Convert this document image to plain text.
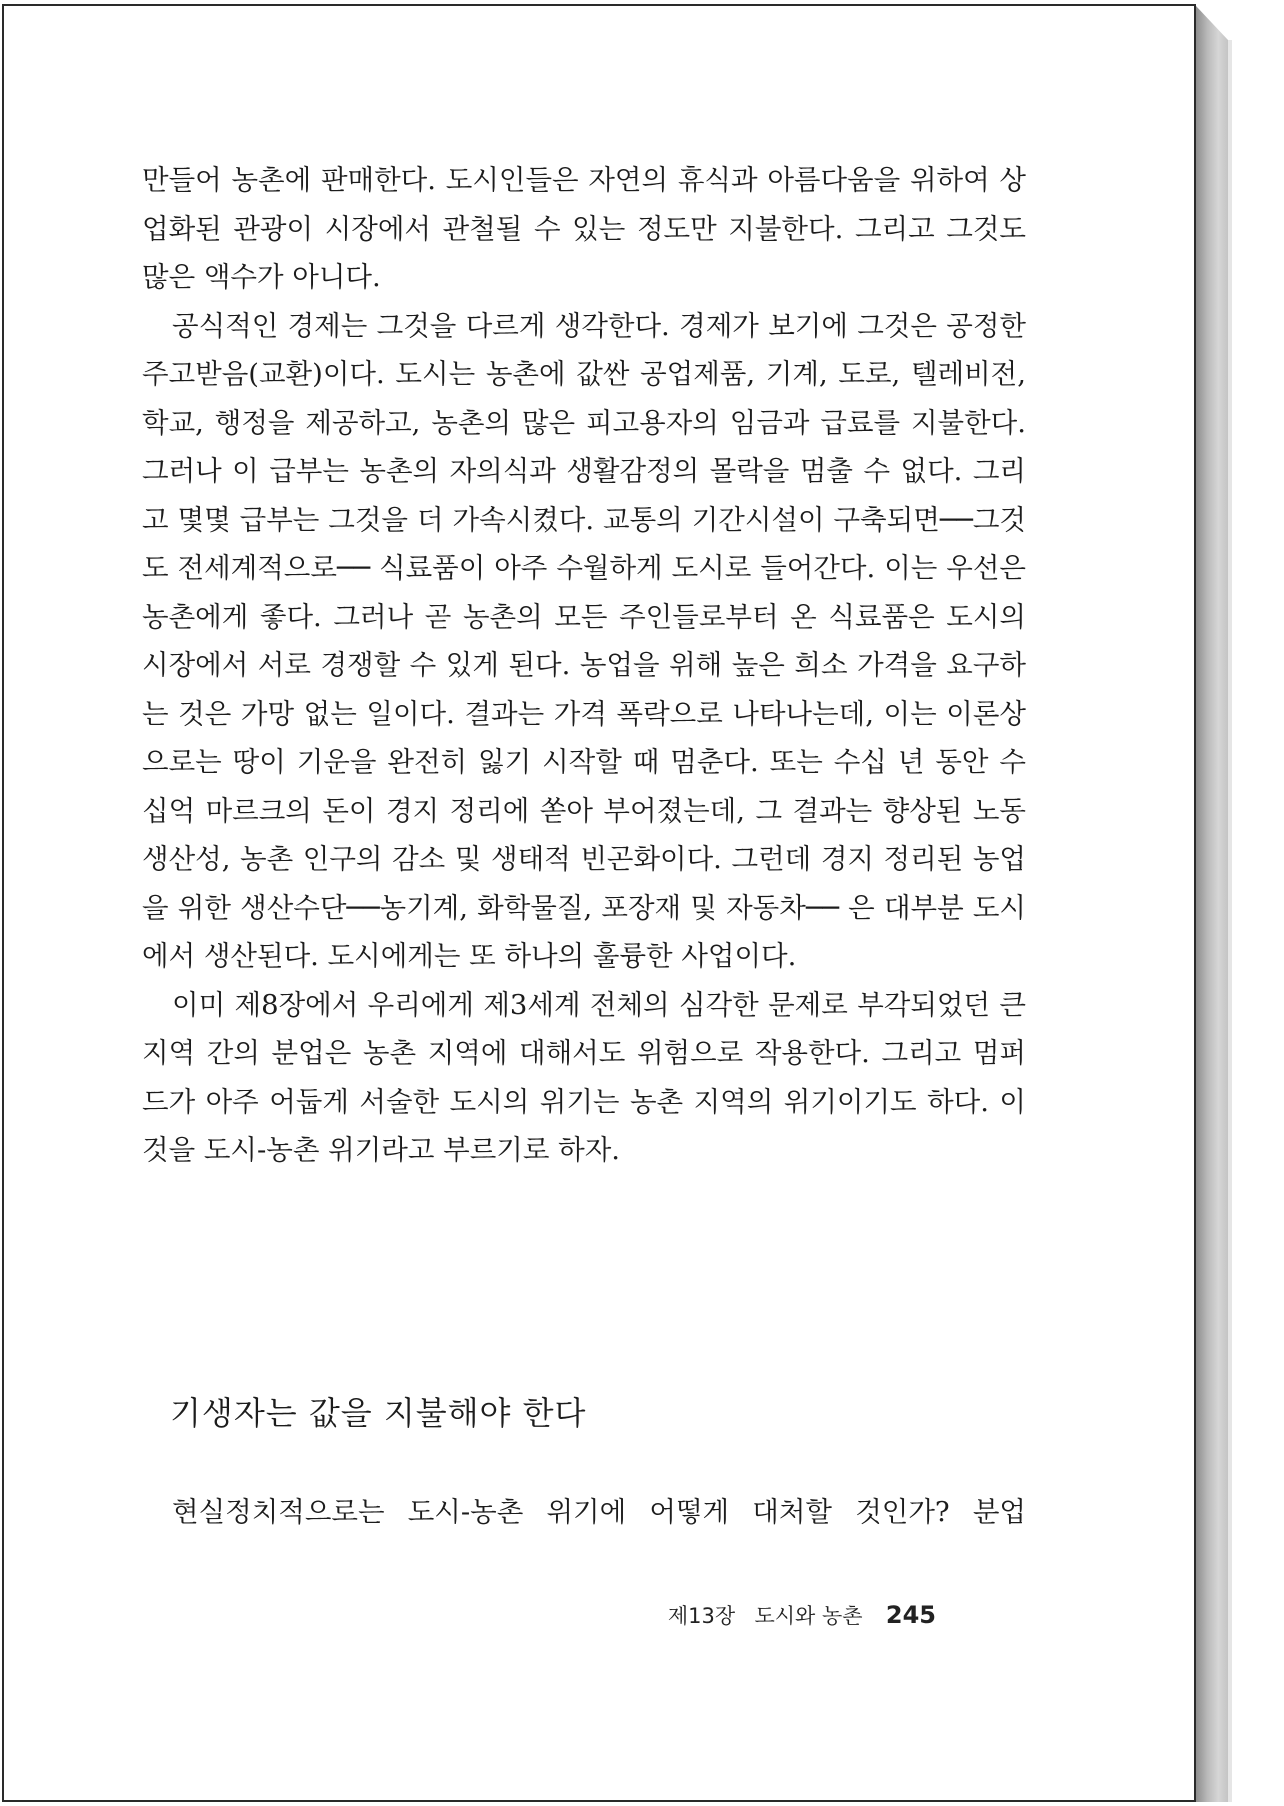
만들어 농촌에 판매한다. 도시인들은 자연의 휴식과 아름다움을 위하여 상업화된 관광이 시장에서 관철될 수 있는 정도만 지불한다. 그리고 그것도 많은 액수가 아니다.

공식적인 경제는 그것을 다르게 생각한다. 경제가 보기에 그것은 공정한 주고받음(교환)이다. 도시는 농촌에 값싼 공업제품, 기계, 도로, 텔레비전, 학교, 행정을 제공하고, 농촌의 많은 피고용자의 임금과 급료를 지불한다. 그러나 이 급부는 농촌의 자의식과 생활감정의 몰락을 멈출 수 없다. 그리고 몇몇 급부는 그것을 더 가속시켰다. 교통의 기간시설이 구축되면──그것도 전세계적으로── 식료품이 아주 수월하게 도시로 들어간다. 이는 우선은 농촌에게 좋다. 그러나 곧 농촌의 모든 주인들로부터 온 식료품은 도시의 시장에서 서로 경쟁할 수 있게 된다. 농업을 위해 높은 희소 가격을 요구하는 것은 가망 없는 일이다. 결과는 가격 폭락으로 나타나는데, 이는 이론상으로는 땅이 기운을 완전히 잃기 시작할 때 멈춘다. 또는 수십 년 동안 수십억 마르크의 돈이 경지 정리에 쏟아 부어졌는데, 그 결과는 향상된 노동생산성, 농촌 인구의 감소 및 생태적 빈곤화이다. 그런데 경지 정리된 농업을 위한 생산수단──농기계, 화학물질, 포장재 및 자동차── 은 대부분 도시에서 생산된다. 도시에게는 또 하나의 훌륭한 사업이다.

이미 제8장에서 우리에게 제3세계 전체의 심각한 문제로 부각되었던 큰 지역 간의 분업은 농촌 지역에 대해서도 위험으로 작용한다. 그리고 멈퍼드가 아주 어둡게 서술한 도시의 위기는 농촌 지역의 위기이기도 하다. 이것을 도시-농촌 위기라고 부르기로 하자.

기생자는 값을 지불해야 한다

현실정치적으로는 도시-농촌 위기에 어떻게 대처할 것인가? 분업

제13장 도시와 농촌 245
